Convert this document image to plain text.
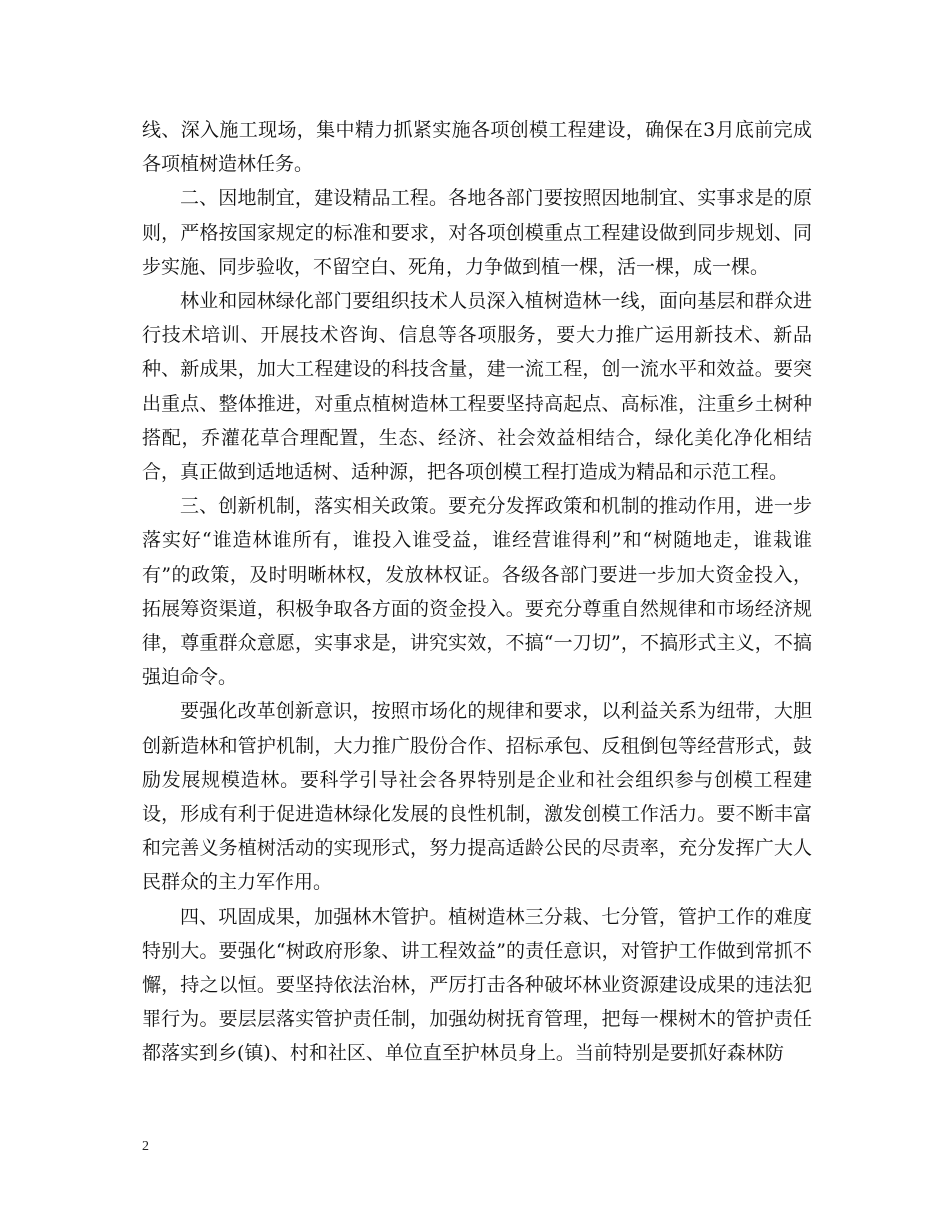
线、深入施工现场，集中精力抓紧实施各项创模工程建设，确保在3月底前完成各项植树造林任务。

二、因地制宜，建设精品工程。各地各部门要按照因地制宜、实事求是的原则，严格按国家规定的标准和要求，对各项创模重点工程建设做到同步规划、同步实施、同步验收，不留空白、死角，力争做到植一棵，活一棵，成一棵。

林业和园林绿化部门要组织技术人员深入植树造林一线，面向基层和群众进行技术培训、开展技术咨询、信息等各项服务，要大力推广运用新技术、新品种、新成果，加大工程建设的科技含量，建一流工程，创一流水平和效益。要突出重点、整体推进，对重点植树造林工程要坚持高起点、高标准，注重乡土树种搭配，乔灌花草合理配置，生态、经济、社会效益相结合，绿化美化净化相结合，真正做到适地适树、适种源，把各项创模工程打造成为精品和示范工程。

三、创新机制，落实相关政策。要充分发挥政策和机制的推动作用，进一步落实好“谁造林谁所有，谁投入谁受益，谁经营谁得利”和“树随地走，谁栽谁有”的政策，及时明晰林权，发放林权证。各级各部门要进一步加大资金投入，拓展筹资渠道，积极争取各方面的资金投入。要充分尊重自然规律和市场经济规律，尊重群众意愿，实事求是，讲究实效，不搞“一刀切”，不搞形式主义，不搞强迫命令。

要强化改革创新意识，按照市场化的规律和要求，以利益关系为纽带，大胆创新造林和管护机制，大力推广股份合作、招标承包、反租倒包等经营形式，鼓励发展规模造林。要科学引导社会各界特别是企业和社会组织参与创模工程建设，形成有利于促进造林绿化发展的良性机制，激发创模工作活力。要不断丰富和完善义务植树活动的实现形式，努力提高适龄公民的尽责率，充分发挥广大人民群众的主力军作用。

四、巩固成果，加强林木管护。植树造林三分栽、七分管，管护工作的难度特别大。要强化“树政府形象、讲工程效益”的责任意识，对管护工作做到常抓不懈，持之以恒。要坚持依法治林，严厉打击各种破坏林业资源建设成果的违法犯罪行为。要层层落实管护责任制，加强幼树抚育管理，把每一棵树木的管护责任都落实到乡(镇)、村和社区、单位直至护林员身上。当前特别是要抓好森林防

2
